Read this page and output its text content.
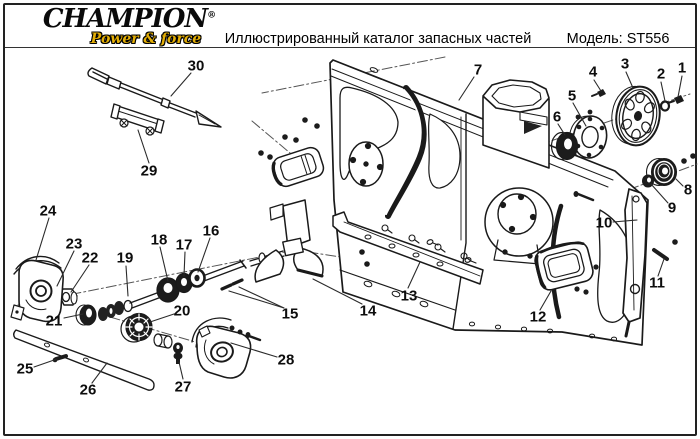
CHAMPION®
Power & force	Иллюстрированный каталог запасных частей Модель: ST556
1
2
3
4
5
6
7
8
9
10
11
12
13
14
15
16
17
18
19
20
21
22
23
24
25
26	27
28
29
30
